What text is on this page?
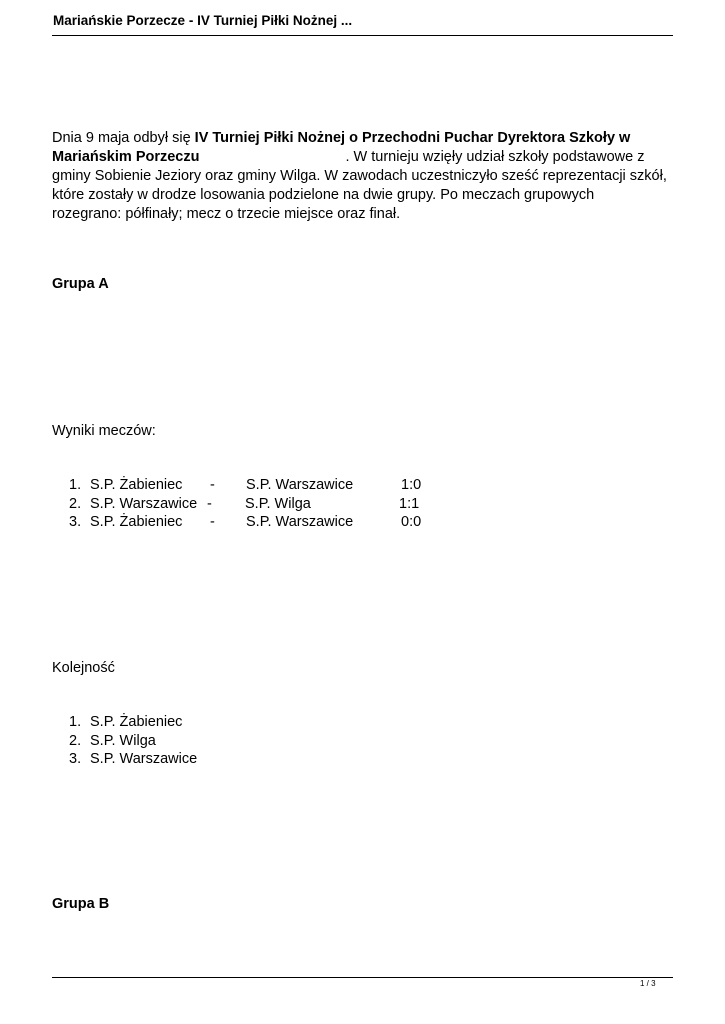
Mariańskie Porzecze - IV Turniej Piłki Nożnej ...

Dnia 9 maja odbył się IV Turniej Piłki Nożnej o Przechodni Puchar Dyrektora Szkoły w

Mariańskim Porzeczu	. W turnieju wzięły udział szkoły podstawowe z

gminy Sobienie Jeziory oraz gminy Wilga. W zawodach uczestniczyło sześć reprezentacji szkół,

które zostały w drodze losowania podzielone na dwie grupy. Po meczach grupowych

rozegrano: półfinały; mecz o trzecie miejsce oraz finał.

Grupa A
Wyniki meczów:
1. S.P. Żabieniec - S.P. Warszawice	1:0
2. S.P. Warszawice - S.P. Wilga	1:1
3. S.P. Żabieniec - S.P. Warszawice	0:0
Kolejność
1. S.P. Żabieniec
2. S.P. Wilga
3. S.P. Warszawice
Grupa B
1 / 3
